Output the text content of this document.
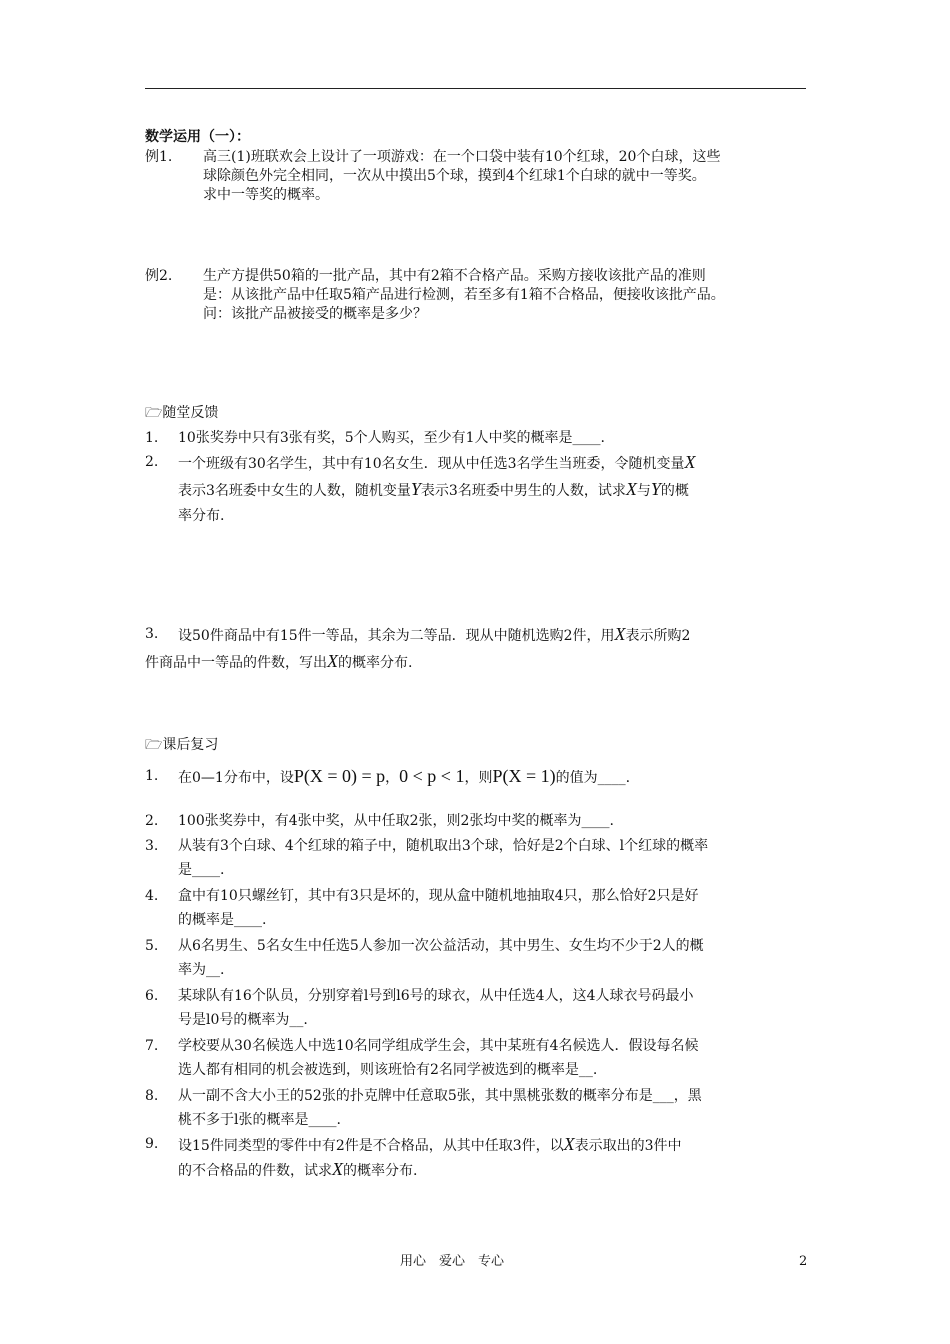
数学运用（一）：
例1. 高三(1)班联欢会上设计了一项游戏：在一个口袋中装有10个红球，20个白球，这些
球除颜色外完全相同，一次从中摸出5个球，摸到4个红球1个白球的就中一等奖。
求中一等奖的概率。
例2. 生产方提供50箱的一批产品，其中有2箱不合格产品。采购方接收该批产品的准则
是：从该批产品中任取5箱产品进行检测，若至多有1箱不合格品，便接收该批产品。
问：该批产品被接受的概率是多少？
🗁随堂反馈
1. 10张奖券中只有3张有奖，5个人购买，至少有1人中奖的概率是____.
2. 一个班级有30名学生，其中有10名女生．现从中任选3名学生当班委，令随机变量X
表示3名班委中女生的人数，随机变量Y表示3名班委中男生的人数，试求X与Y的概
率分布.
3. 设50件商品中有15件一等品，其余为二等品．现从中随机选购2件，用X表示所购2
件商品中一等品的件数，写出X的概率分布.
🗁课后复习
1. 在0—1分布中，设P(X = 0) = p，0 < p < 1，则P(X = 1)的值为____.
2. 100张奖券中，有4张中奖，从中任取2张，则2张均中奖的概率为____.
3. 从装有3个白球、4个红球的箱子中，随机取出3个球，恰好是2个白球、l个红球的概率
是____.
4. 盒中有10只螺丝钉，其中有3只是坏的，现从盒中随机地抽取4只，那么恰好2只是好
的概率是____.
5. 从6名男生、5名女生中任选5人参加一次公益活动，其中男生、女生均不少于2人的概
率为__.
6. 某球队有16个队员，分别穿着l号到l6号的球衣，从中任选4人，这4人球衣号码最小
号是l0号的概率为__.
7. 学校要从30名候选人中选10名同学组成学生会，其中某班有4名候选人．假设每名候
选人都有相同的机会被选到，则该班恰有2名同学被选到的概率是__.
8. 从一副不含大小王的52张的扑克牌中任意取5张，其中黑桃张数的概率分布是___，黑
桃不多于l张的概率是____.
9. 设15件同类型的零件中有2件是不合格品，从其中任取3件，以X表示取出的3件中
的不合格品的件数，试求X的概率分布.
用心　爱心　专心	2
